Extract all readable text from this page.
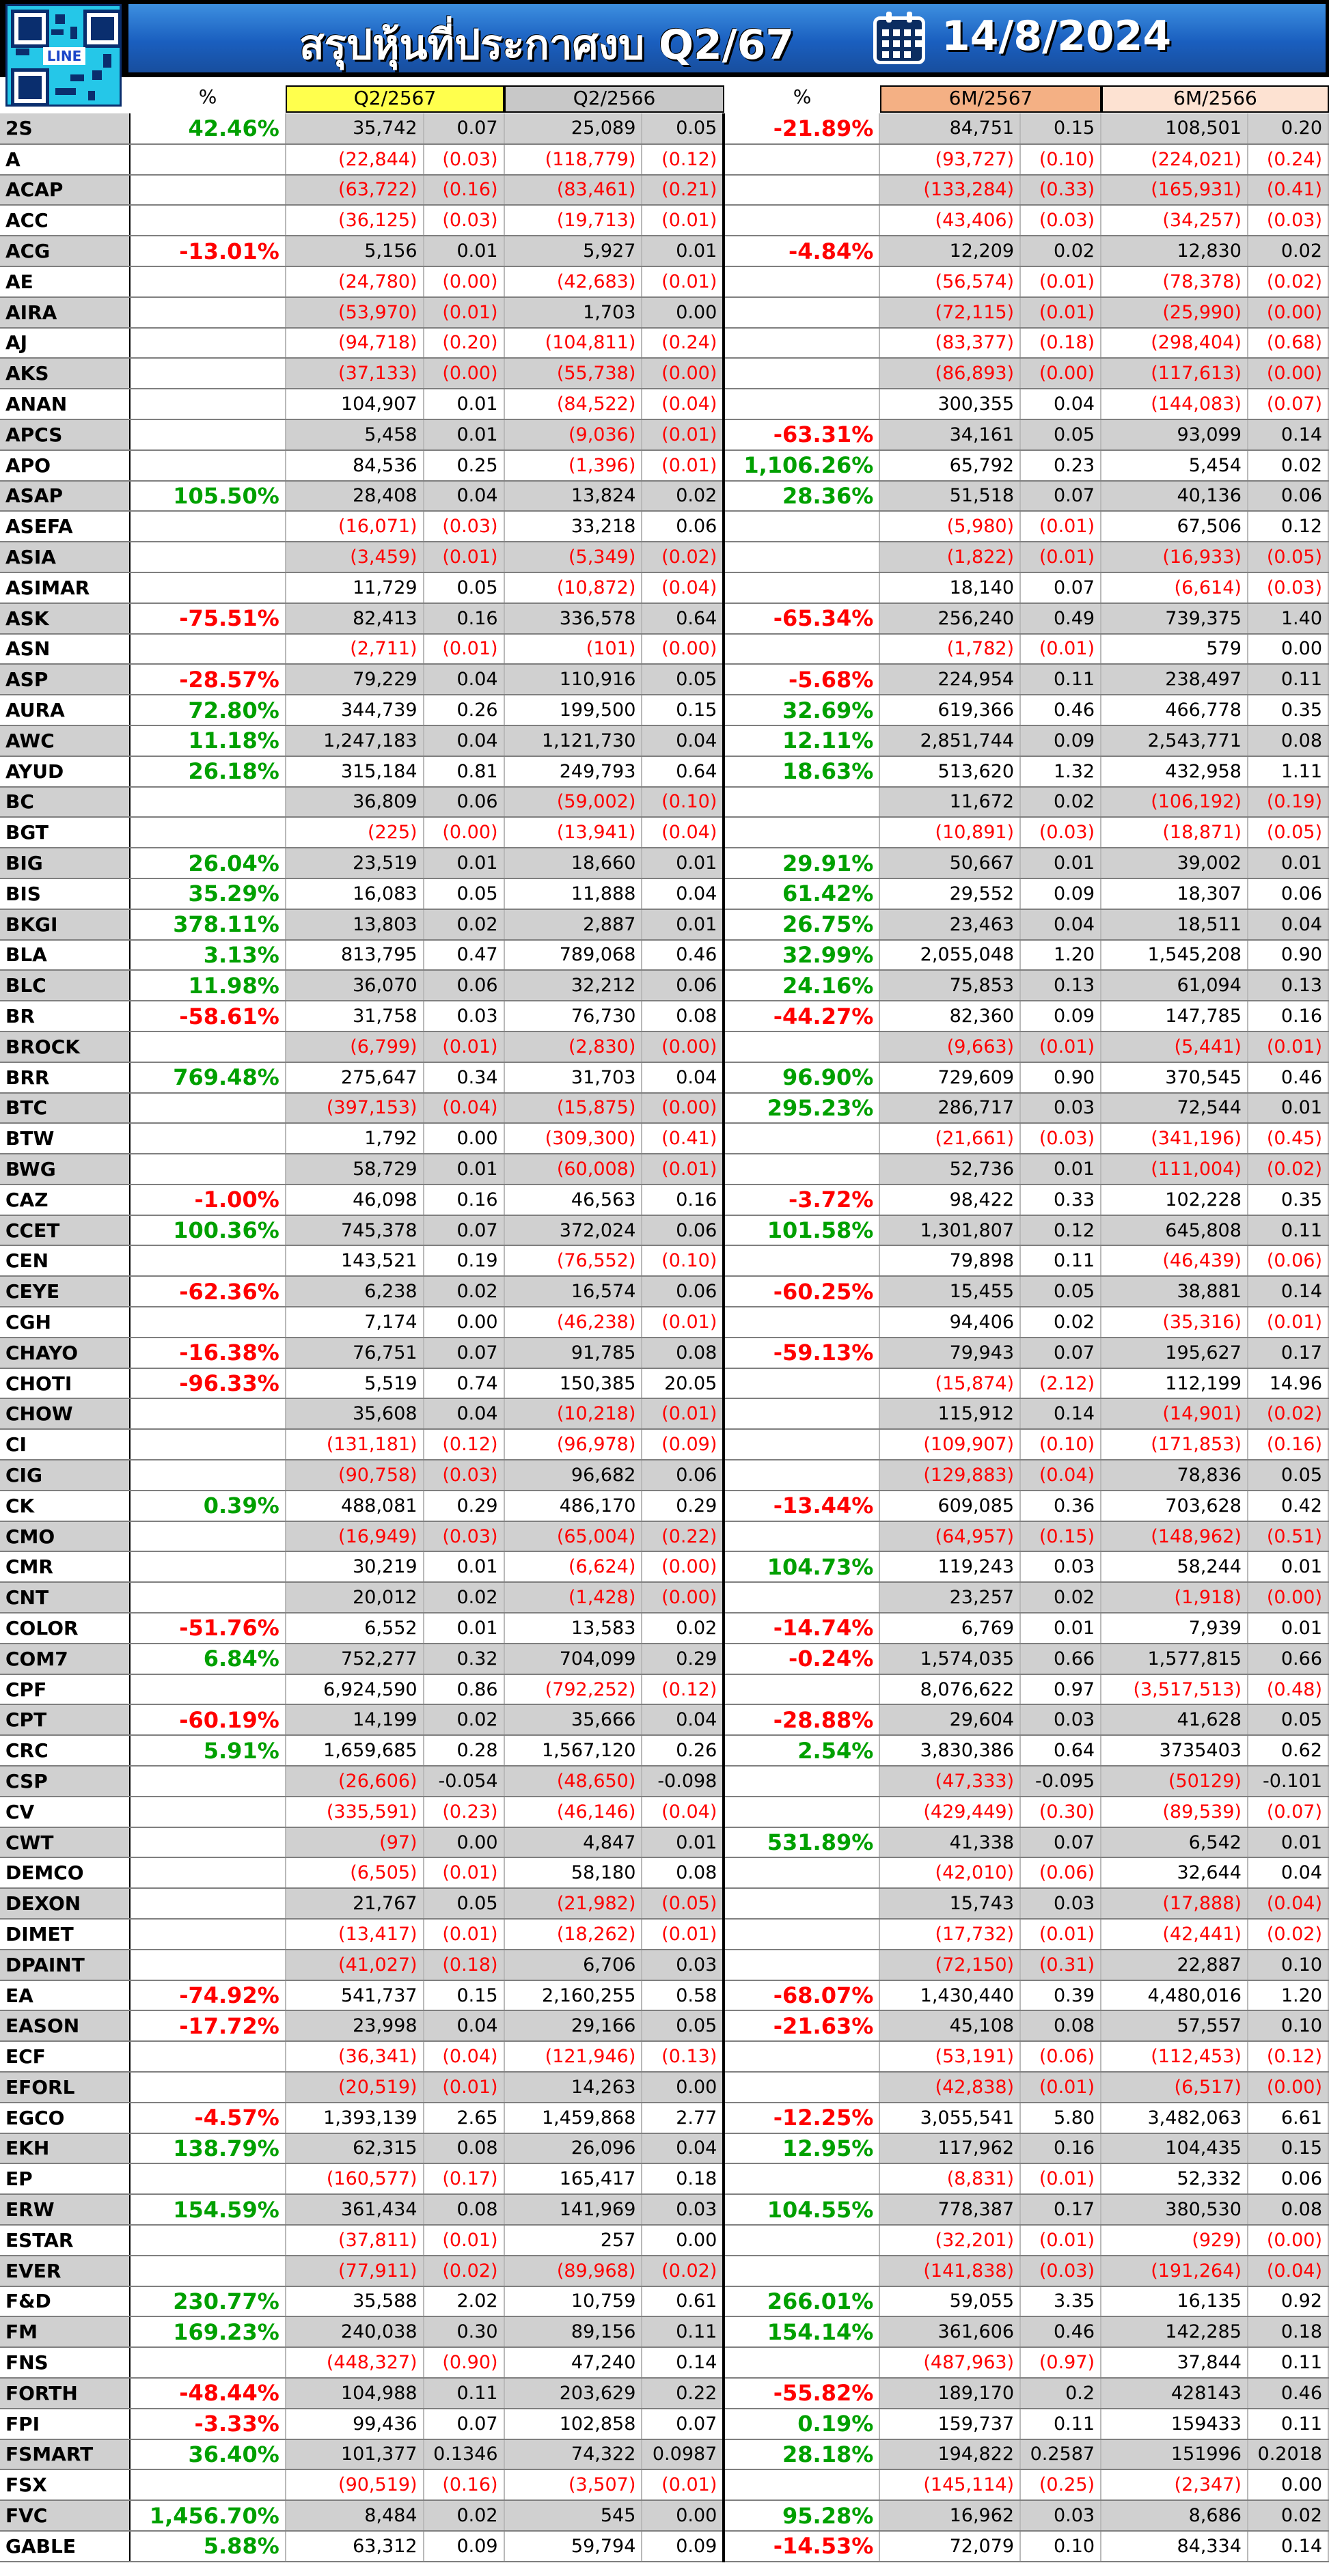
LINE	สรุปหุ้นที่ประกาศงบ Q2/67	14/8/2024
%	Q2/2567	Q2/2566	%	6M/2567	6M/2566
2S	42.46%	35,742	0.07	25,089	0.05	-21.89%	84,751	0.15	108,501	0.20
A		(22,844)	(0.03)	(118,779)	(0.12)		(93,727)	(0.10)	(224,021)	(0.24)
ACAP		(63,722)	(0.16)	(83,461)	(0.21)		(133,284)	(0.33)	(165,931)	(0.41)
ACC		(36,125)	(0.03)	(19,713)	(0.01)		(43,406)	(0.03)	(34,257)	(0.03)
ACG	-13.01%	5,156	0.01	5,927	0.01	-4.84%	12,209	0.02	12,830	0.02
AE		(24,780)	(0.00)	(42,683)	(0.01)		(56,574)	(0.01)	(78,378)	(0.02)
AIRA		(53,970)	(0.01)	1,703	0.00		(72,115)	(0.01)	(25,990)	(0.00)
AJ		(94,718)	(0.20)	(104,811)	(0.24)		(83,377)	(0.18)	(298,404)	(0.68)
AKS		(37,133)	(0.00)	(55,738)	(0.00)		(86,893)	(0.00)	(117,613)	(0.00)
ANAN		104,907	0.01	(84,522)	(0.04)		300,355	0.04	(144,083)	(0.07)
APCS		5,458	0.01	(9,036)	(0.01)	-63.31%	34,161	0.05	93,099	0.14
APO		84,536	0.25	(1,396)	(0.01)	1,106.26%	65,792	0.23	5,454	0.02
ASAP	105.50%	28,408	0.04	13,824	0.02	28.36%	51,518	0.07	40,136	0.06
ASEFA		(16,071)	(0.03)	33,218	0.06		(5,980)	(0.01)	67,506	0.12
ASIA		(3,459)	(0.01)	(5,349)	(0.02)		(1,822)	(0.01)	(16,933)	(0.05)
ASIMAR		11,729	0.05	(10,872)	(0.04)		18,140	0.07	(6,614)	(0.03)
ASK	-75.51%	82,413	0.16	336,578	0.64	-65.34%	256,240	0.49	739,375	1.40
ASN		(2,711)	(0.01)	(101)	(0.00)		(1,782)	(0.01)	579	0.00
ASP	-28.57%	79,229	0.04	110,916	0.05	-5.68%	224,954	0.11	238,497	0.11
AURA	72.80%	344,739	0.26	199,500	0.15	32.69%	619,366	0.46	466,778	0.35
AWC	11.18%	1,247,183	0.04	1,121,730	0.04	12.11%	2,851,744	0.09	2,543,771	0.08
AYUD	26.18%	315,184	0.81	249,793	0.64	18.63%	513,620	1.32	432,958	1.11
BC		36,809	0.06	(59,002)	(0.10)		11,672	0.02	(106,192)	(0.19)
BGT		(225)	(0.00)	(13,941)	(0.04)		(10,891)	(0.03)	(18,871)	(0.05)
BIG	26.04%	23,519	0.01	18,660	0.01	29.91%	50,667	0.01	39,002	0.01
BIS	35.29%	16,083	0.05	11,888	0.04	61.42%	29,552	0.09	18,307	0.06
BKGI	378.11%	13,803	0.02	2,887	0.01	26.75%	23,463	0.04	18,511	0.04
BLA	3.13%	813,795	0.47	789,068	0.46	32.99%	2,055,048	1.20	1,545,208	0.90
BLC	11.98%	36,070	0.06	32,212	0.06	24.16%	75,853	0.13	61,094	0.13
BR	-58.61%	31,758	0.03	76,730	0.08	-44.27%	82,360	0.09	147,785	0.16
BROCK		(6,799)	(0.01)	(2,830)	(0.00)		(9,663)	(0.01)	(5,441)	(0.01)
BRR	769.48%	275,647	0.34	31,703	0.04	96.90%	729,609	0.90	370,545	0.46
BTC		(397,153)	(0.04)	(15,875)	(0.00)	295.23%	286,717	0.03	72,544	0.01
BTW		1,792	0.00	(309,300)	(0.41)		(21,661)	(0.03)	(341,196)	(0.45)
BWG		58,729	0.01	(60,008)	(0.01)		52,736	0.01	(111,004)	(0.02)
CAZ	-1.00%	46,098	0.16	46,563	0.16	-3.72%	98,422	0.33	102,228	0.35
CCET	100.36%	745,378	0.07	372,024	0.06	101.58%	1,301,807	0.12	645,808	0.11
CEN		143,521	0.19	(76,552)	(0.10)		79,898	0.11	(46,439)	(0.06)
CEYE	-62.36%	6,238	0.02	16,574	0.06	-60.25%	15,455	0.05	38,881	0.14
CGH		7,174	0.00	(46,238)	(0.01)		94,406	0.02	(35,316)	(0.01)
CHAYO	-16.38%	76,751	0.07	91,785	0.08	-59.13%	79,943	0.07	195,627	0.17
CHOTI	-96.33%	5,519	0.74	150,385	20.05		(15,874)	(2.12)	112,199	14.96
CHOW		35,608	0.04	(10,218)	(0.01)		115,912	0.14	(14,901)	(0.02)
CI		(131,181)	(0.12)	(96,978)	(0.09)		(109,907)	(0.10)	(171,853)	(0.16)
CIG		(90,758)	(0.03)	96,682	0.06		(129,883)	(0.04)	78,836	0.05
CK	0.39%	488,081	0.29	486,170	0.29	-13.44%	609,085	0.36	703,628	0.42
CMO		(16,949)	(0.03)	(65,004)	(0.22)		(64,957)	(0.15)	(148,962)	(0.51)
CMR		30,219	0.01	(6,624)	(0.00)	104.73%	119,243	0.03	58,244	0.01
CNT		20,012	0.02	(1,428)	(0.00)		23,257	0.02	(1,918)	(0.00)
COLOR	-51.76%	6,552	0.01	13,583	0.02	-14.74%	6,769	0.01	7,939	0.01
COM7	6.84%	752,277	0.32	704,099	0.29	-0.24%	1,574,035	0.66	1,577,815	0.66
CPF		6,924,590	0.86	(792,252)	(0.12)		8,076,622	0.97	(3,517,513)	(0.48)
CPT	-60.19%	14,199	0.02	35,666	0.04	-28.88%	29,604	0.03	41,628	0.05
CRC	5.91%	1,659,685	0.28	1,567,120	0.26	2.54%	3,830,386	0.64	3735403	0.62
CSP		(26,606)	-0.054	(48,650)	-0.098		(47,333)	-0.095	(50129)	-0.101
CV		(335,591)	(0.23)	(46,146)	(0.04)		(429,449)	(0.30)	(89,539)	(0.07)
CWT		(97)	0.00	4,847	0.01	531.89%	41,338	0.07	6,542	0.01
DEMCO		(6,505)	(0.01)	58,180	0.08		(42,010)	(0.06)	32,644	0.04
DEXON		21,767	0.05	(21,982)	(0.05)		15,743	0.03	(17,888)	(0.04)
DIMET		(13,417)	(0.01)	(18,262)	(0.01)		(17,732)	(0.01)	(42,441)	(0.02)
DPAINT		(41,027)	(0.18)	6,706	0.03		(72,150)	(0.31)	22,887	0.10
EA	-74.92%	541,737	0.15	2,160,255	0.58	-68.07%	1,430,440	0.39	4,480,016	1.20
EASON	-17.72%	23,998	0.04	29,166	0.05	-21.63%	45,108	0.08	57,557	0.10
ECF		(36,341)	(0.04)	(121,946)	(0.13)		(53,191)	(0.06)	(112,453)	(0.12)
EFORL		(20,519)	(0.01)	14,263	0.00		(42,838)	(0.01)	(6,517)	(0.00)
EGCO	-4.57%	1,393,139	2.65	1,459,868	2.77	-12.25%	3,055,541	5.80	3,482,063	6.61
EKH	138.79%	62,315	0.08	26,096	0.04	12.95%	117,962	0.16	104,435	0.15
EP		(160,577)	(0.17)	165,417	0.18		(8,831)	(0.01)	52,332	0.06
ERW	154.59%	361,434	0.08	141,969	0.03	104.55%	778,387	0.17	380,530	0.08
ESTAR		(37,811)	(0.01)	257	0.00		(32,201)	(0.01)	(929)	(0.00)
EVER		(77,911)	(0.02)	(89,968)	(0.02)		(141,838)	(0.03)	(191,264)	(0.04)
F&D	230.77%	35,588	2.02	10,759	0.61	266.01%	59,055	3.35	16,135	0.92
FM	169.23%	240,038	0.30	89,156	0.11	154.14%	361,606	0.46	142,285	0.18
FNS		(448,327)	(0.90)	47,240	0.14		(487,963)	(0.97)	37,844	0.11
FORTH	-48.44%	104,988	0.11	203,629	0.22	-55.82%	189,170	0.2	428143	0.46
FPI	-3.33%	99,436	0.07	102,858	0.07	0.19%	159,737	0.11	159433	0.11
FSMART	36.40%	101,377	0.1346	74,322	0.0987	28.18%	194,822	0.2587	151996	0.2018
FSX		(90,519)	(0.16)	(3,507)	(0.01)		(145,114)	(0.25)	(2,347)	0.00
FVC	1,456.70%	8,484	0.02	545	0.00	95.28%	16,962	0.03	8,686	0.02
GABLE	5.88%	63,312	0.09	59,794	0.09	-14.53%	72,079	0.10	84,334	0.14
